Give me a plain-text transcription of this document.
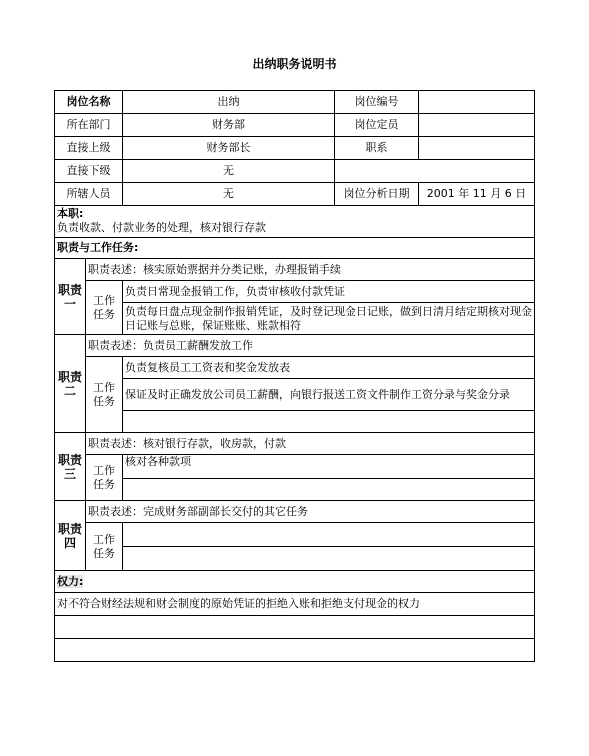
出纳职务说明书
岗位名称		出纳	岗位编号	
所在部门		财务部	岗位定员	
直接上级		财务部长	职系	
直接下级		无		
所辖人员		无	岗位分析日期	2001 年 11 月 6 日

本职:
负责收款、付款业务的处理，核对银行存款				

职责与工作任务:				
职责一	职责表述：核实原始票据并分类记账，办理报销手续			
	工作任务	负责日常现金报销工作，负责审核收付款凭证		
		负责每日盘点现金制作报销凭证，及时登记现金日记账，做到日清月结定期核对现金日记账与总账，保证账账、账款相符		
职责二	职责表述：负责员工薪酬发放工作			
	工作任务	负责复核员工工资表和奖金发放表		
		保证及时正确发放公司员工薪酬，向银行报送工资文件制作工资分录与奖金分录		

职责三	职责表述：核对银行存款，收房款，付款			
	工作任务	核对各种款项		

职责四	职责表述：完成财务部副部长交付的其它任务			
	工作任务			

权力:				
对不符合财经法规和财会制度的原始凭证的拒绝入账和拒绝支付现金的权力				
